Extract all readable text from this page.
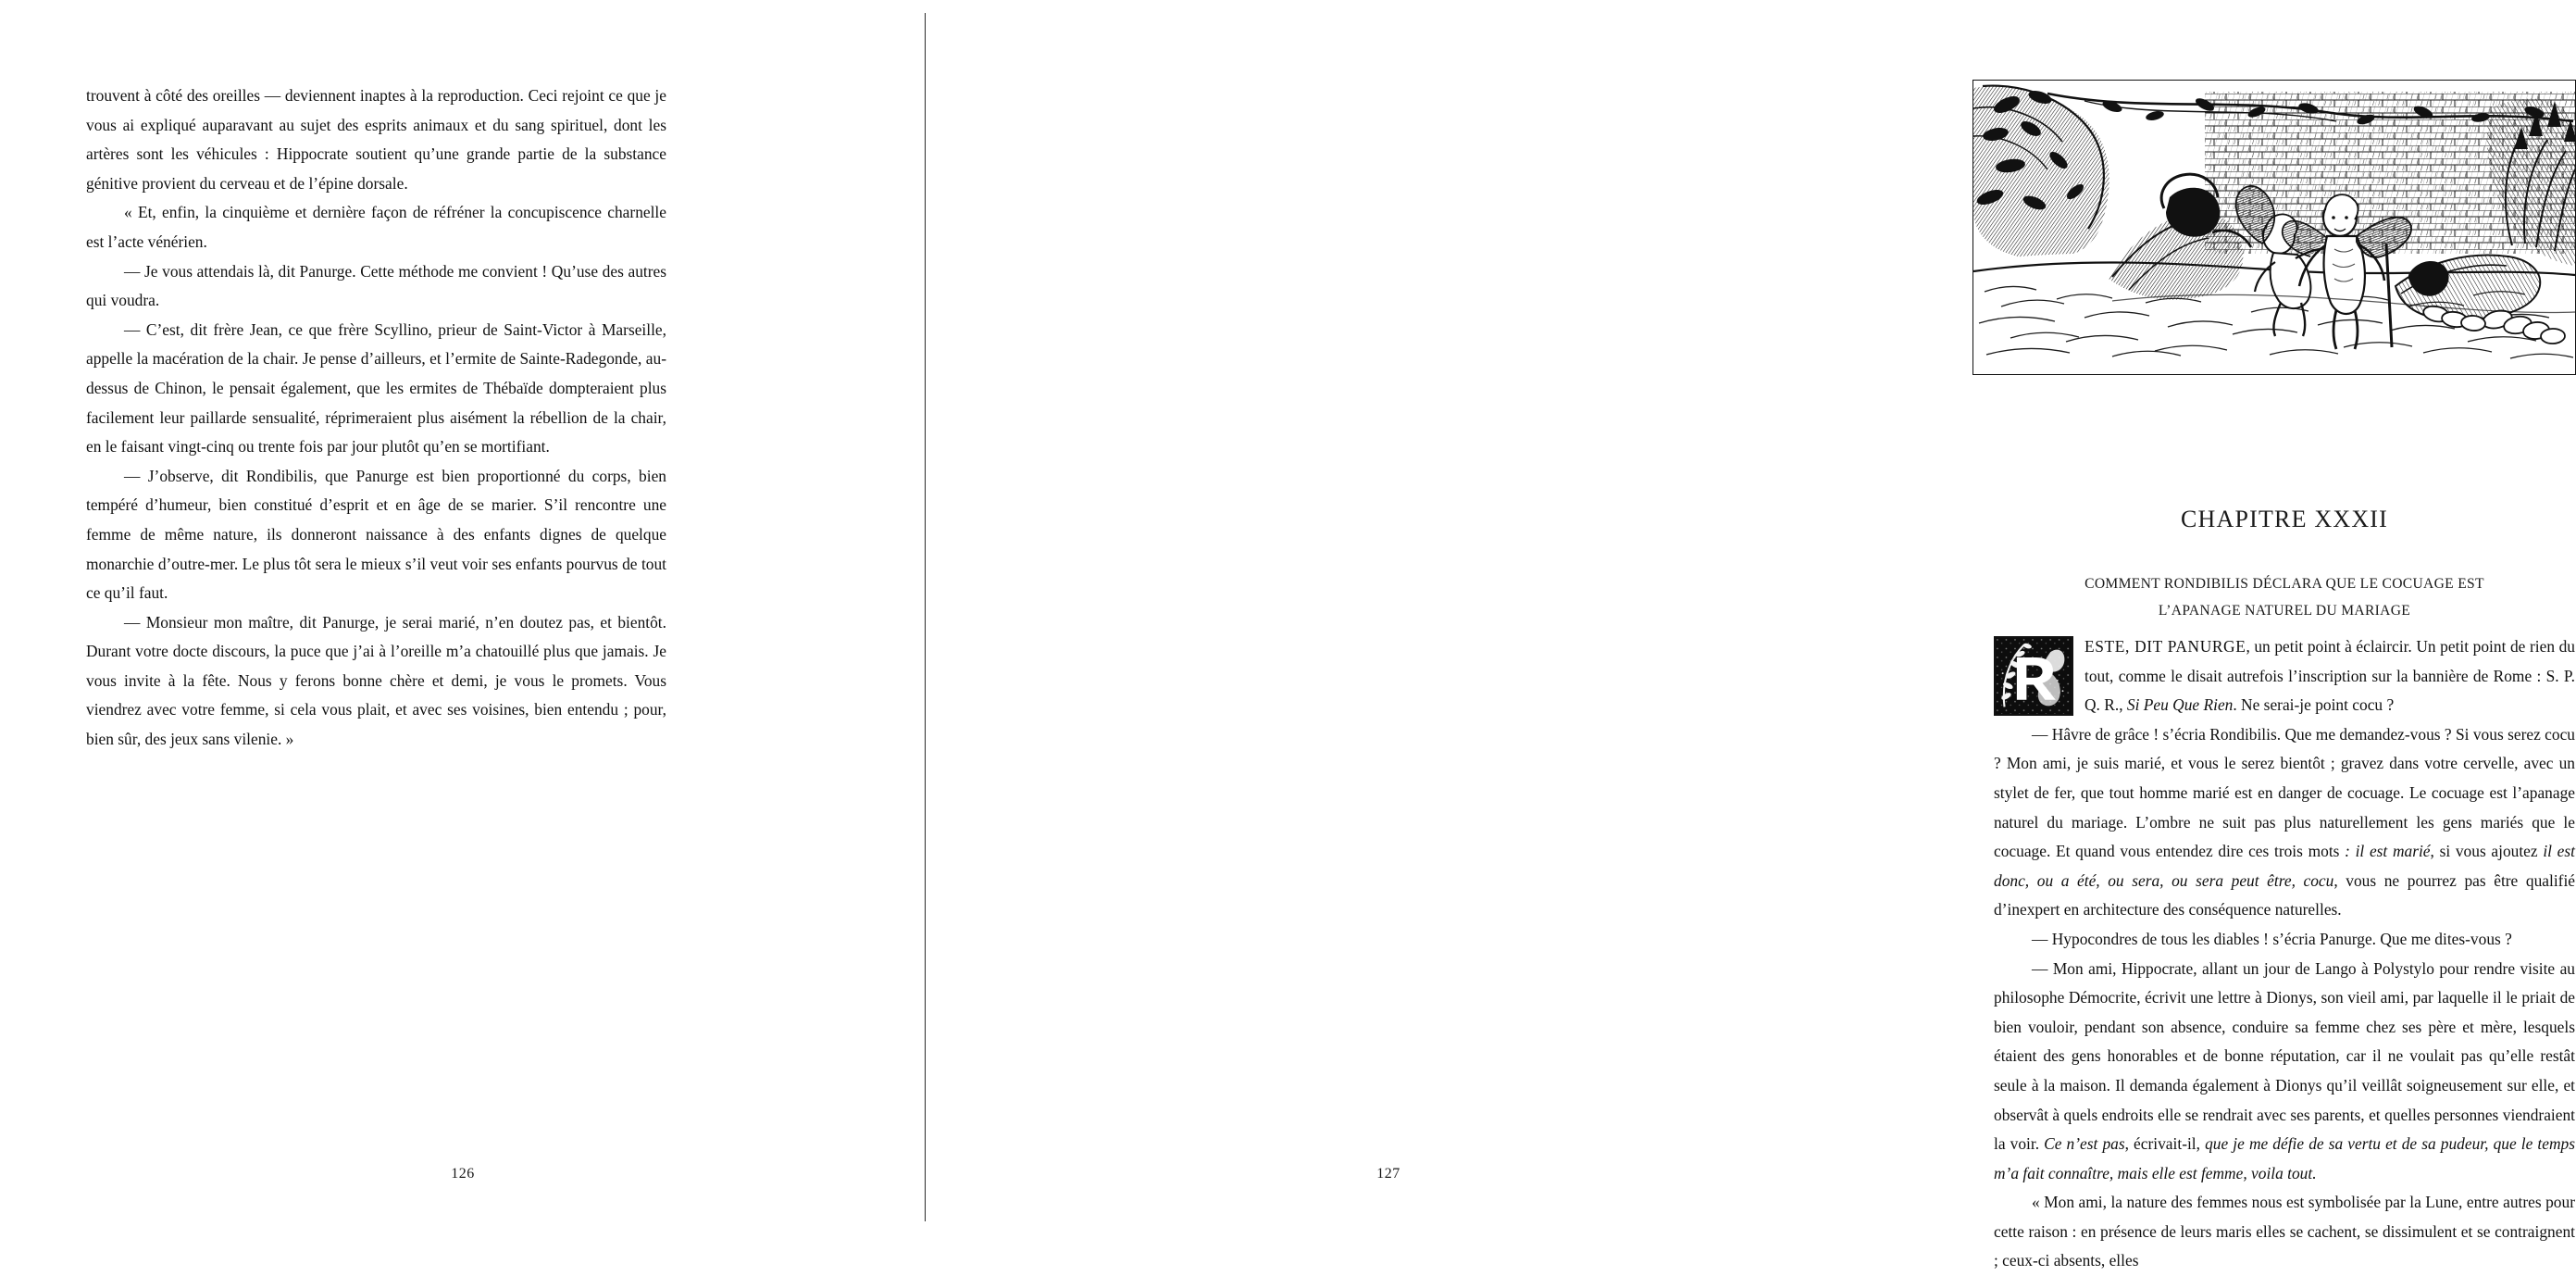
trouvent à côté des oreilles — deviennent inaptes à la reproduction. Ceci rejoint ce que je vous ai expliqué auparavant au sujet des esprits animaux et du sang spirituel, dont les artères sont les véhicules : Hippocrate soutient qu’une grande partie de la substance génitive provient du cerveau et de l’épine dorsale.

« Et, enfin, la cinquième et dernière façon de réfréner la concupiscence charnelle est l’acte vénérien.

— Je vous attendais là, dit Panurge. Cette méthode me convient ! Qu’use des autres qui voudra.

— C’est, dit frère Jean, ce que frère Scyllino, prieur de Saint-Victor à Marseille, appelle la macération de la chair. Je pense d’ailleurs, et l’ermite de Sainte-Radegonde, au-dessus de Chinon, le pensait également, que les ermites de Thébaïde dompteraient plus facilement leur paillarde sensualité, réprimeraient plus aisément la rébellion de la chair, en le faisant vingt-cinq ou trente fois par jour plutôt qu’en se mortifiant.

— J’observe, dit Rondibilis, que Panurge est bien proportionné du corps, bien tempéré d’humeur, bien constitué d’esprit et en âge de se marier. S’il rencontre une femme de même nature, ils donneront naissance à des enfants dignes de quelque monarchie d’outre-mer. Le plus tôt sera le mieux s’il veut voir ses enfants pourvus de tout ce qu’il faut.

— Monsieur mon maître, dit Panurge, je serai marié, n’en doutez pas, et bientôt. Durant votre docte discours, la puce que j’ai à l’oreille m’a chatouillé plus que jamais. Je vous invite à la fête. Nous y ferons bonne chère et demi, je vous le promets. Vous viendrez avec votre femme, si cela vous plait, et avec ses voisines, bien entendu ; pour, bien sûr, des jeux sans vilenie. »

126
CHAPITRE XXXII
COMMENT RONDIBILIS DÉCLARA QUE LE COCUAGE EST
L’APANAGE NATUREL DU MARIAGE

ESTE, DIT PANURGE, un petit point à éclaircir. Un petit point de rien du tout, comme le disait autrefois l’inscription sur la bannière de Rome : S. P. Q. R., Si Peu Que Rien. Ne serai-je point cocu ?

— Hâvre de grâce ! s’écria Rondibilis. Que me demandez-vous ? Si vous serez cocu ? Mon ami, je suis marié, et vous le serez bientôt ; gravez dans votre cervelle, avec un stylet de fer, que tout homme marié est en danger de cocuage. Le cocuage est l’apanage naturel du mariage. L’ombre ne suit pas plus naturellement les gens mariés que le cocuage. Et quand vous entendez dire ces trois mots : il est marié, si vous ajoutez il est donc, ou a été, ou sera, ou sera peut être, cocu, vous ne pourrez pas être qualifié d’inexpert en architecture des conséquence naturelles.

— Hypocondres de tous les diables ! s’écria Panurge. Que me dites-vous ?

— Mon ami, Hippocrate, allant un jour de Lango à Polystylo pour rendre visite au philosophe Démocrite, écrivit une lettre à Dionys, son vieil ami, par laquelle il le priait de bien vouloir, pendant son absence, conduire sa femme chez ses père et mère, lesquels étaient des gens honorables et de bonne réputation, car il ne voulait pas qu’elle restât seule à la maison. Il demanda également à Dionys qu’il veillât soigneusement sur elle, et observât à quels endroits elle se rendrait avec ses parents, et quelles personnes viendraient la voir. Ce n’est pas, écrivait-il, que je me défie de sa vertu et de sa pudeur, que le temps m’a fait connaître, mais elle est femme, voila tout.

« Mon ami, la nature des femmes nous est symbolisée par la Lune, entre autres pour cette raison : en présence de leurs maris elles se cachent, se dissimulent et se contraignent ; ceux-ci absents, elles

127
